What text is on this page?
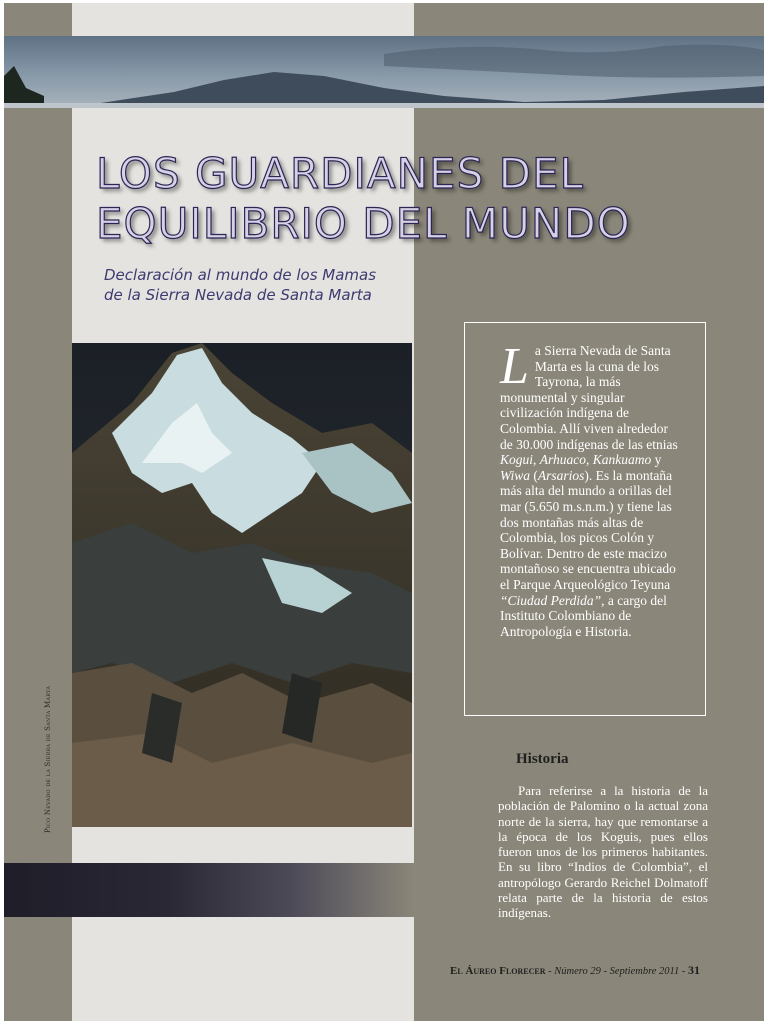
LOS GUARDIANES DEL
EQUILIBRIO DEL MUNDO
Declaración al mundo de los Mamas
de la Sierra Nevada de Santa Marta
Pico Nevado de la Sierra de Santa Marta
La Sierra Nevada de Santa Marta es la cuna de los Tayrona, la más monumental y singular civilización indígena de Colombia. Allí viven alrededor de 30.000 indígenas de las etnias Kogui, Arhuaco, Kankuamo y Wiwa (Arsarios). Es la montaña más alta del mundo a orillas del mar (5.650 m.s.n.m.) y tiene las dos montañas más altas de Colombia, los picos Colón y Bolívar. Dentro de este macizo montañoso se encuentra ubicado el Parque Arqueológico Teyuna “Ciudad Perdida”, a cargo del Instituto Colombiano de Antropología e Historia.
Historia
Para referirse a la historia de la población de Palomino o la actual zona norte de la sierra, hay que remontarse a la época de los Koguis, pues ellos fueron unos de los primeros habitantes. En su libro “Indios de Colombia”, el antropólogo Gerardo Reichel Dolmatoff relata parte de la historia de estos indígenas.
El Áureo Florecer - Número 29 - Septiembre 2011 - 31
